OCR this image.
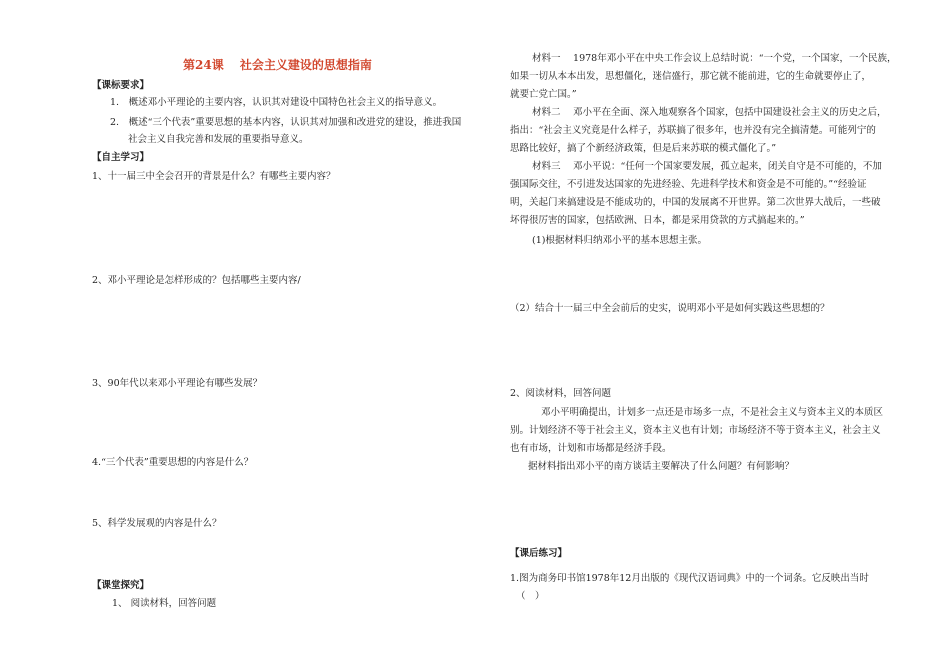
第24课　 社会主义建设的思想指南
【课标要求】
1.　概述邓小平理论的主要内容，认识其对建设中国特色社会主义的指导意义。
2.　概述“三个代表”重要思想的基本内容，认识其对加强和改进党的建设，推进我国
社会主义自我完善和发展的重要指导意义。
【自主学习】
1、十一届三中全会召开的背景是什么？有哪些主要内容？
2、邓小平理论是怎样形成的？包括哪些主要内容/
3、90年代以来邓小平理论有哪些发展？
4.“三个代表”重要思想的内容是什么？
5、科学发展观的内容是什么？
【课堂探究】
1、 阅读材料，回答问题
材料一　 1978年邓小平在中央工作会议上总结时说：“一个党，一个国家，一个民族，
如果一切从本本出发，思想僵化，迷信盛行，那它就不能前进，它的生命就要停止了，
就要亡党亡国。”
材料二　 邓小平在全面、深入地观察各个国家，包括中国建设社会主义的历史之后，
指出：“社会主义究竟是什么样子，苏联搞了很多年，也并没有完全搞清楚。可能列宁的
思路比较好，搞了个新经济政策，但是后来苏联的模式僵化了。”
材料三　 邓小平说：“任何一个国家要发展，孤立起来，闭关自守是不可能的，不加
强国际交往，不引进发达国家的先进经验、先进科学技术和资金是不可能的。”“经验证
明，关起门来搞建设是不能成功的，中国的发展离不开世界。第二次世界大战后，一些破
坏得很厉害的国家，包括欧洲、日本，都是采用贷款的方式搞起来的。”
(1)根据材料归纳邓小平的基本思想主张。
（2）结合十一届三中全会前后的史实，说明邓小平是如何实践这些思想的？
2、阅读材料，回答问题
邓小平明确提出，计划多一点还是市场多一点，不是社会主义与资本主义的本质区
别。计划经济不等于社会主义，资本主义也有计划；市场经济不等于资本主义，社会主义
也有市场，计划和市场都是经济手段。
据材料指出邓小平的南方谈话主要解决了什么问题？有何影响？
【课后练习】
1.图为商务印书馆1978年12月出版的《现代汉语词典》中的一个词条。它反映出当时
（　）
